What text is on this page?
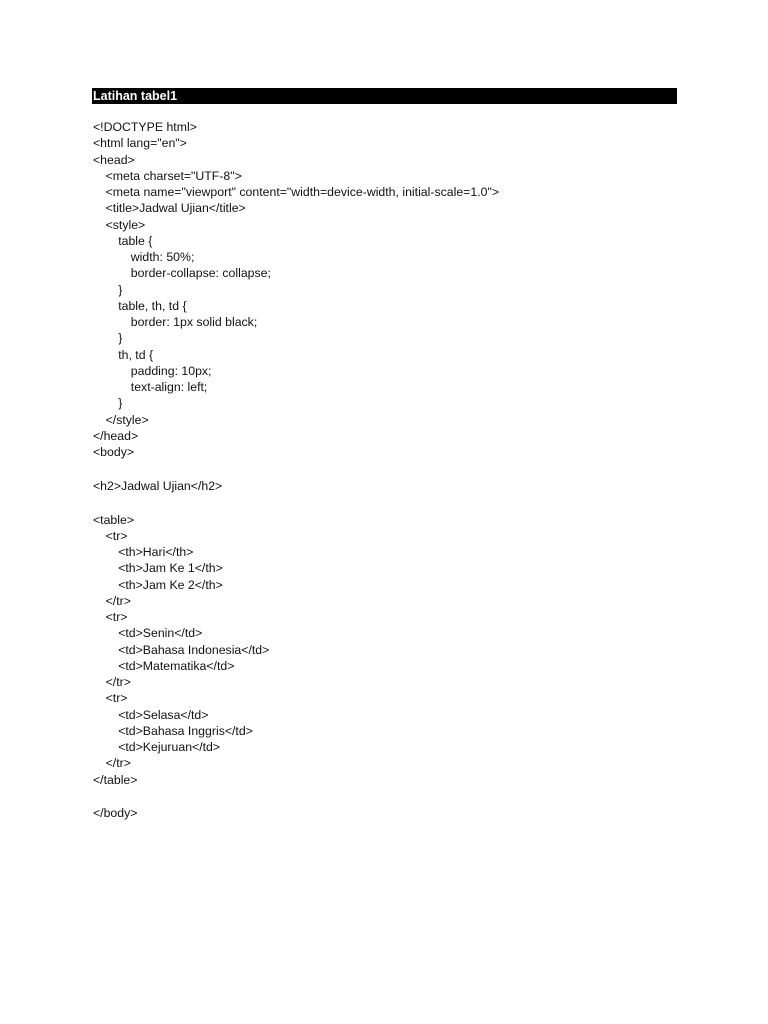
Latihan tabel1
<!DOCTYPE html>
<html lang="en">
<head>
<meta charset="UTF-8">
<meta name="viewport" content="width=device-width, initial-scale=1.0">
<title>Jadwal Ujian</title>
<style>
table {
width: 50%;
border-collapse: collapse;
}
table, th, td {
border: 1px solid black;
}
th, td {
padding: 10px;
text-align: left;
}
</style>
</head>
<body>
<h2>Jadwal Ujian</h2>
<table>
<tr>
<th>Hari</th>
<th>Jam Ke 1</th>
<th>Jam Ke 2</th>
</tr>
<tr>
<td>Senin</td>
<td>Bahasa Indonesia</td>
<td>Matematika</td>
</tr>
<tr>
<td>Selasa</td>
<td>Bahasa Inggris</td>
<td>Kejuruan</td>
</tr>
</table>
</body>
